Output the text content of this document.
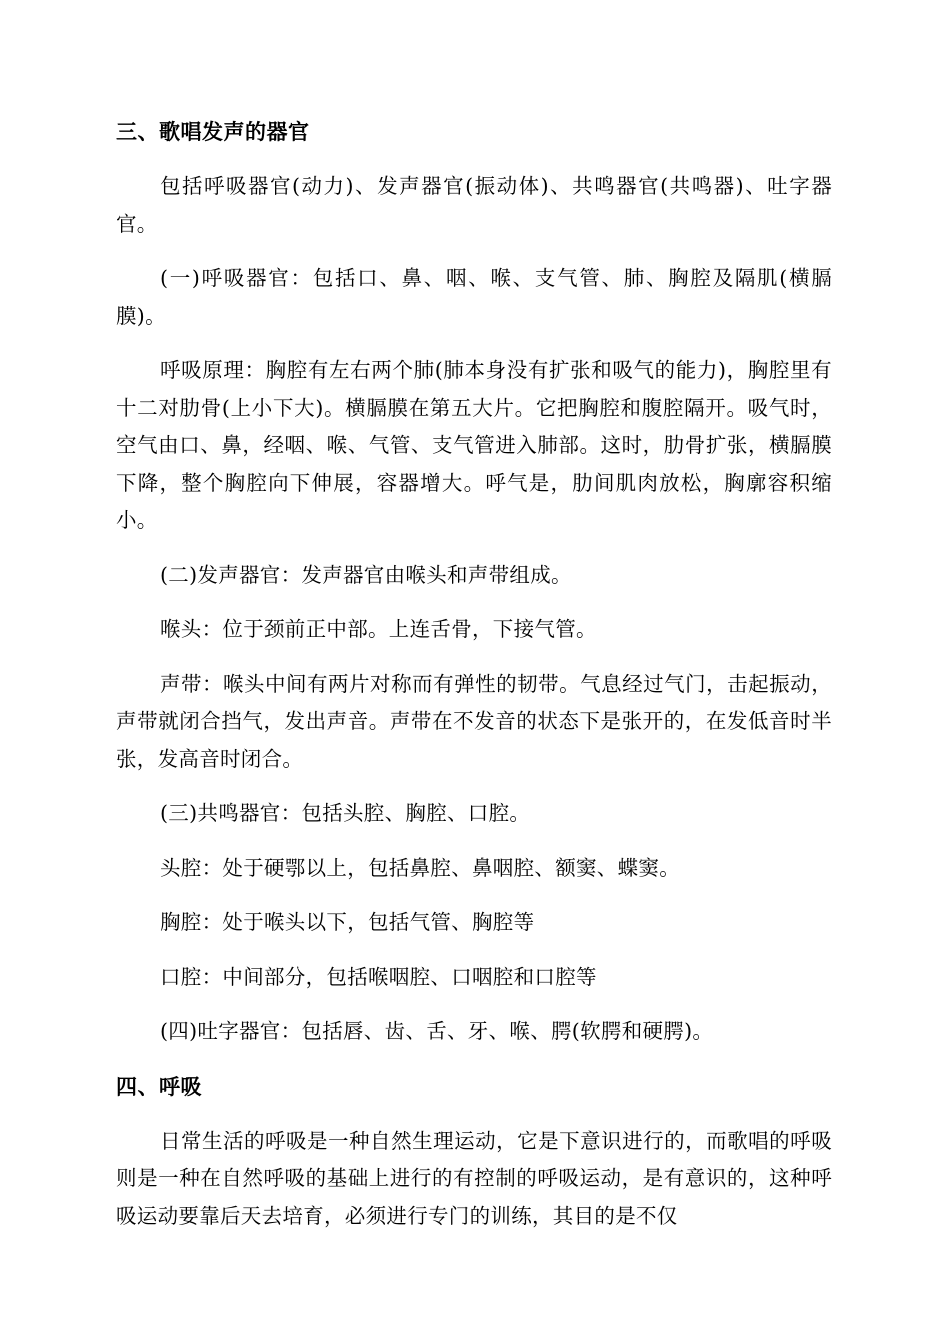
三、歌唱发声的器官

包括呼吸器官(动力)、发声器官(振动体)、共鸣器官(共鸣器)、吐字器官。

(一)呼吸器官：包括口、鼻、咽、喉、支气管、肺、胸腔及隔肌(横膈膜)。

呼吸原理：胸腔有左右两个肺(肺本身没有扩张和吸气的能力)，胸腔里有十二对肋骨(上小下大)。横膈膜在第五大片。它把胸腔和腹腔隔开。吸气时，空气由口、鼻，经咽、喉、气管、支气管进入肺部。这时，肋骨扩张，横膈膜下降，整个胸腔向下伸展，容器增大。呼气是，肋间肌肉放松，胸廓容积缩小。

(二)发声器官：发声器官由喉头和声带组成。

喉头：位于颈前正中部。上连舌骨，下接气管。

声带：喉头中间有两片对称而有弹性的韧带。气息经过气门，击起振动，声带就闭合挡气，发出声音。声带在不发音的状态下是张开的，在发低音时半张，发高音时闭合。

(三)共鸣器官：包括头腔、胸腔、口腔。

头腔：处于硬鄂以上，包括鼻腔、鼻咽腔、额窦、蝶窦。

胸腔：处于喉头以下，包括气管、胸腔等

口腔：中间部分，包括喉咽腔、口咽腔和口腔等

(四)吐字器官：包括唇、齿、舌、牙、喉、腭(软腭和硬腭)。

四、呼吸

日常生活的呼吸是一种自然生理运动，它是下意识进行的，而歌唱的呼吸则是一种在自然呼吸的基础上进行的有控制的呼吸运动，是有意识的，这种呼吸运动要靠后天去培育，必须进行专门的训练，其目的是不仅
